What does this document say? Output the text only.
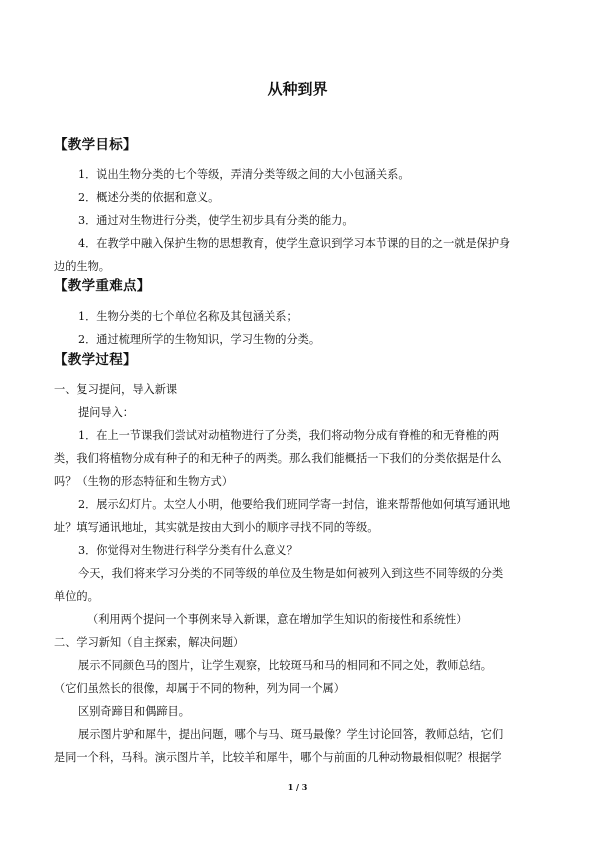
从种到界
【教学目标】
1．说出生物分类的七个等级，弄清分类等级之间的大小包涵关系。
2．概述分类的依据和意义。
3．通过对生物进行分类，使学生初步具有分类的能力。
4．在教学中融入保护生物的思想教育，使学生意识到学习本节课的目的之一就是保护身
边的生物。
【教学重难点】
1．生物分类的七个单位名称及其包涵关系；
2．通过梳理所学的生物知识，学习生物的分类。
【教学过程】
一、复习提问，导入新课
提问导入：
1．在上一节课我们尝试对动植物进行了分类，我们将动物分成有脊椎的和无脊椎的两
类，我们将植物分成有种子的和无种子的两类。那么我们能概括一下我们的分类依据是什么
吗？（生物的形态特征和生物方式）
2．展示幻灯片。太空人小明，他要给我们班同学寄一封信，谁来帮帮他如何填写通讯地
址？填写通讯地址，其实就是按由大到小的顺序寻找不同的等级。
3．你觉得对生物进行科学分类有什么意义？
今天，我们将来学习分类的不同等级的单位及生物是如何被列入到这些不同等级的分类
单位的。
（利用两个提问一个事例来导入新课，意在增加学生知识的衔接性和系统性）
二、学习新知（自主探索，解决问题）
展示不同颜色马的图片，让学生观察，比较斑马和马的相同和不同之处，教师总结。
（它们虽然长的很像，却属于不同的物种，列为同一个属）
区别奇蹄目和偶蹄目。
展示图片驴和犀牛，提出问题，哪个与马、斑马最像？学生讨论回答，教师总结，它们
是同一个科，马科。演示图片羊，比较羊和犀牛，哪个与前面的几种动物最相似呢？根据学
1 / 3
